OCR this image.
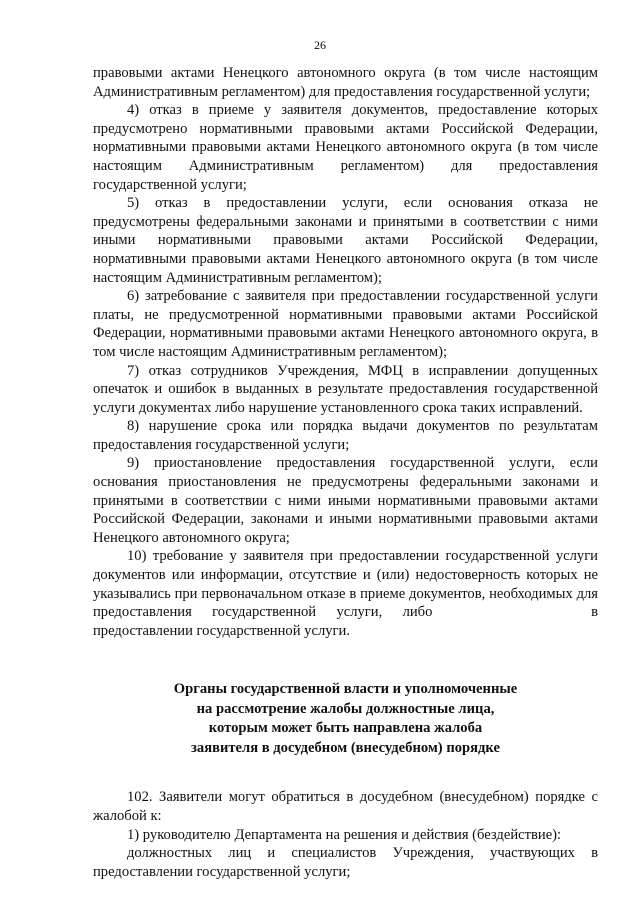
26

правовыми актами Ненецкого автономного округа (в том числе настоящим Административным регламентом) для предоставления государственной услуги;

4) отказ в приеме у заявителя документов, предоставление которых предусмотрено нормативными правовыми актами Российской Федерации, нормативными правовыми актами Ненецкого автономного округа (в том числе настоящим Административным регламентом) для предоставления государственной услуги;

5) отказ в предоставлении услуги, если основания отказа не предусмотрены федеральными законами и принятыми в соответствии с ними иными нормативными правовыми актами Российской Федерации, нормативными правовыми актами Ненецкого автономного округа (в том числе настоящим Административным регламентом);

6) затребование с заявителя при предоставлении государственной услуги платы, не предусмотренной нормативными правовыми актами Российской Федерации, нормативными правовыми актами Ненецкого автономного округа, в том числе настоящим Административным регламентом);

7) отказ сотрудников Учреждения, МФЦ в исправлении допущенных опечаток и ошибок в выданных в результате предоставления государственной услуги документах либо нарушение установленного срока таких исправлений.

8) нарушение срока или порядка выдачи документов по результатам предоставления государственной услуги;

9) приостановление предоставления государственной услуги, если основания приостановления не предусмотрены федеральными законами и принятыми в соответствии с ними иными нормативными правовыми актами Российской Федерации, законами и иными нормативными правовыми актами Ненецкого автономного округа;

10) требование у заявителя при предоставлении государственной услуги документов или информации, отсутствие и (или) недостоверность которых не указывались при первоначальном отказе в приеме документов, необходимых для предоставления государственной услуги, либо	в

предоставлении государственной услуги.

Органы государственной власти и уполномоченные
на рассмотрение жалобы должностные лица,
которым может быть направлена жалоба
заявителя в досудебном (внесудебном) порядке

102. Заявители могут обратиться в досудебном (внесудебном) порядке с жалобой к:

1) руководителю Департамента на решения и действия (бездействие):

должностных лиц и специалистов Учреждения, участвующих в предоставлении государственной услуги;
